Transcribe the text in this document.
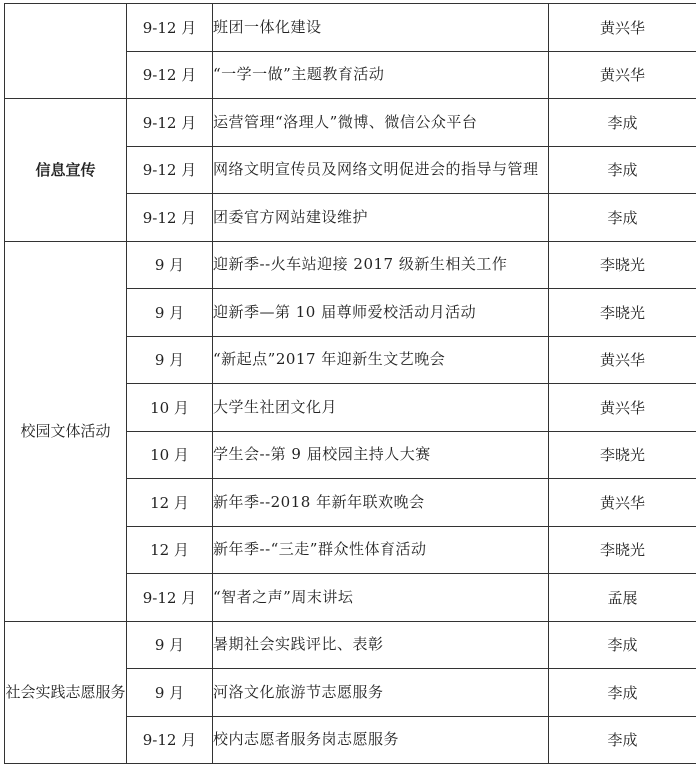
	9-12 月	班团一体化建设	黄兴华
	9-12 月	“一学一做”主题教育活动	黄兴华
信息宣传	9-12 月	运营管理“洛理人”微博、微信公众平台	李成
	9-12 月	网络文明宣传员及网络文明促进会的指导与管理	李成
	9-12 月	团委官方网站建设维护	李成
校园文体活动	9 月	迎新季--火车站迎接 2017 级新生相关工作	李晓光
	9 月	迎新季—第 10 届尊师爱校活动月活动	李晓光
	9 月	“新起点”2017 年迎新生文艺晚会	黄兴华
	10 月	大学生社团文化月	黄兴华
	10 月	学生会--第 9 届校园主持人大赛	李晓光
	12 月	新年季--2018 年新年联欢晚会	黄兴华
	12 月	新年季--“三走”群众性体育活动	李晓光
	9-12 月	“智者之声”周末讲坛	孟展
社会实践志愿服务	9 月	暑期社会实践评比、表彰	李成
	9 月	河洛文化旅游节志愿服务	李成
	9-12 月	校内志愿者服务岗志愿服务	李成
